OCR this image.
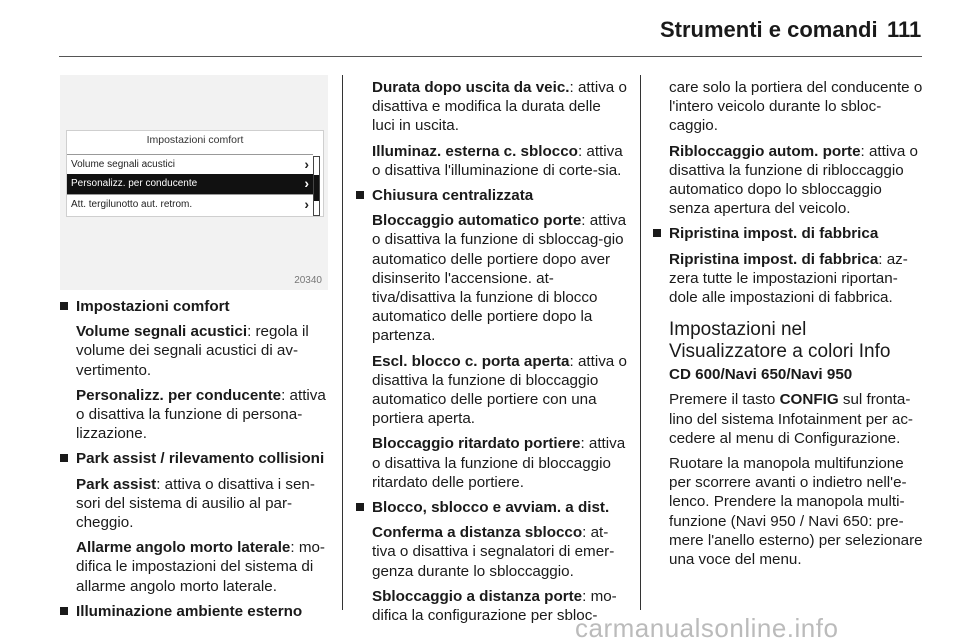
Strumenti e comandi 111
Impostazioni comfort
Volume segnali acustici	›
Personalizz. per conducente	›
Att. tergilunotto aut. retrom.	›
20340
Impostazioni comfort
Volume segnali acustici: regola il volume dei segnali acustici di av-vertimento.
Personalizz. per conducente: attiva o disattiva la funzione di persona-lizzazione.
Park assist / rilevamento collisioni
Park assist: attiva o disattiva i sen-sori del sistema di ausilio al par-cheggio.
Allarme angolo morto laterale: mo-difica le impostazioni del sistema di allarme angolo morto laterale.
Illuminazione ambiente esterno
Durata dopo uscita da veic.: attiva o disattiva e modifica la durata delle luci in uscita.
Illuminaz. esterna c. sblocco: attiva o disattiva l'illuminazione di corte-sia.
Chiusura centralizzata
Bloccaggio automatico porte: attiva o disattiva la funzione di sbloccag-gio automatico delle portiere dopo aver disinserito l'accensione. at-tiva/disattiva la funzione di blocco automatico delle portiere dopo la partenza.
Escl. blocco c. porta aperta: attiva o disattiva la funzione di bloccaggio automatico delle portiere con una portiera aperta.
Bloccaggio ritardato portiere: attiva o disattiva la funzione di bloccaggio ritardato delle portiere.
Blocco, sblocco e avviam. a dist.
Conferma a distanza sblocco: at-tiva o disattiva i segnalatori di emer-genza durante lo sbloccaggio.
Sbloccaggio a distanza porte: mo-difica la configurazione per sbloc-
care solo la portiera del conducente o l'intero veicolo durante lo sbloc-caggio.
Ribloccaggio autom. porte: attiva o disattiva la funzione di ribloccaggio automatico dopo lo sbloccaggio senza apertura del veicolo.
Ripristina impost. di fabbrica
Ripristina impost. di fabbrica: az-zera tutte le impostazioni riportan-dole alle impostazioni di fabbrica.
Impostazioni nel Visualizzatore a colori Info
CD 600/Navi 650/Navi 950
Premere il tasto CONFIG sul fronta-lino del sistema Infotainment per ac-cedere al menu di Configurazione.
Ruotare la manopola multifunzione per scorrere avanti o indietro nell'e-lenco. Prendere la manopola multi-funzione (Navi 950 / Navi 650: pre-mere l'anello esterno) per selezionare una voce del menu.
carmanualsonline.info
